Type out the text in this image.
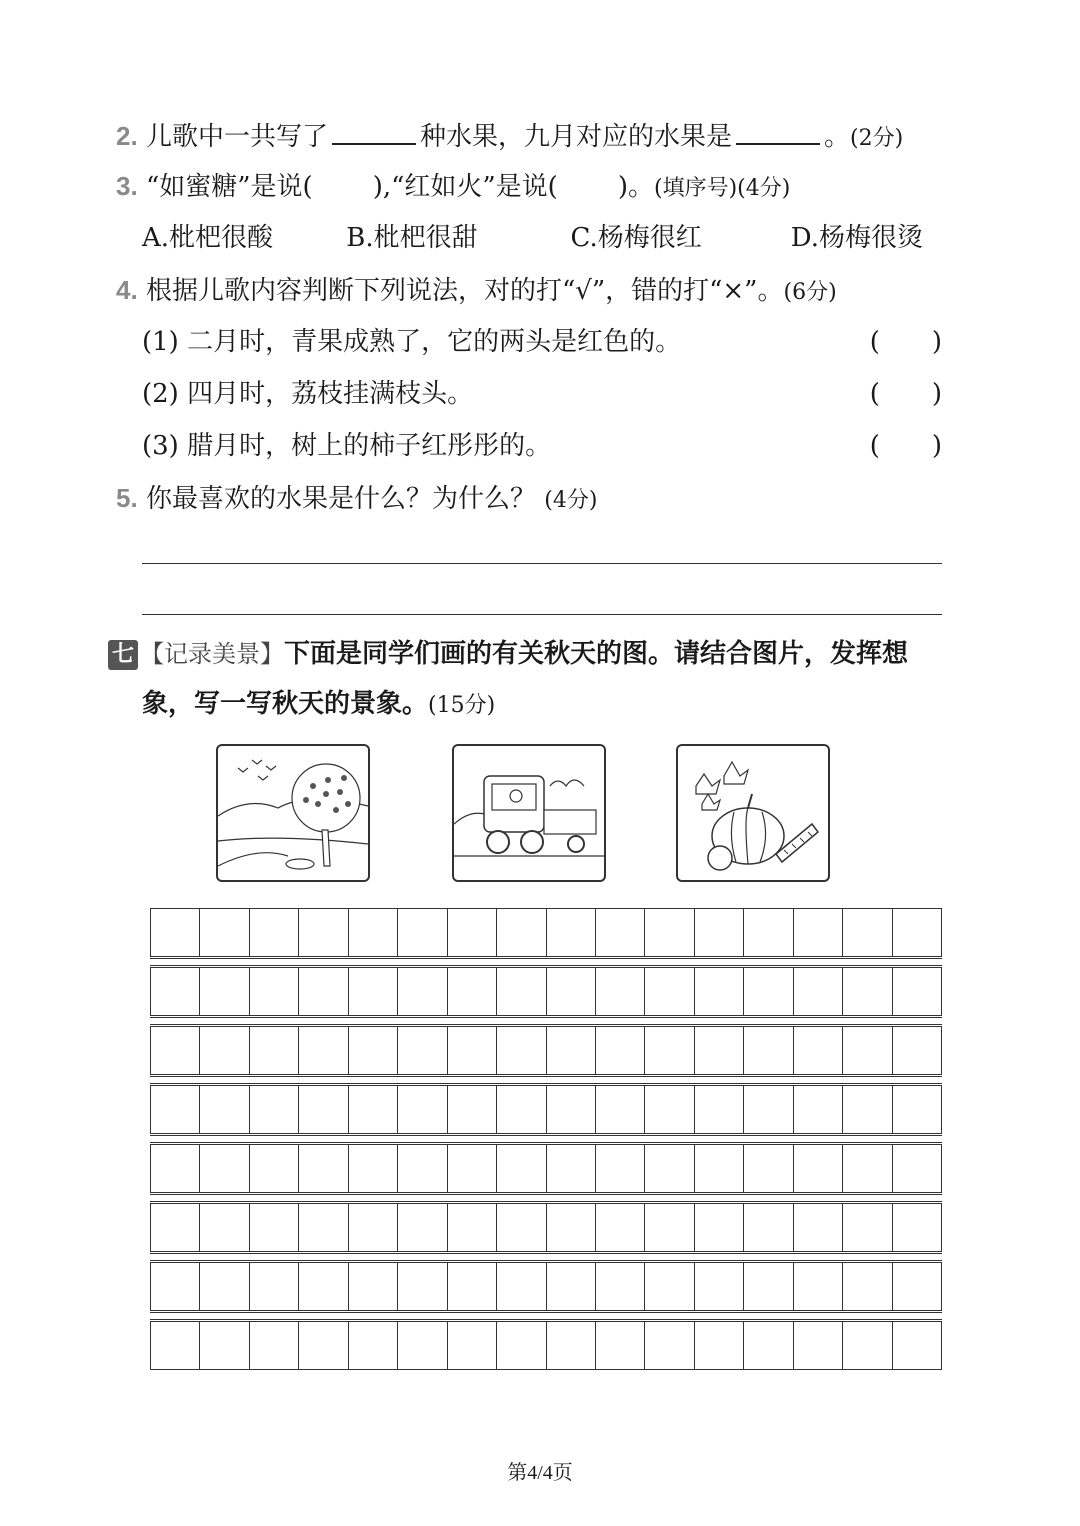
2. 儿歌中一共写了	种水果，九月对应的水果是	。(2分)
3. “如蜜糖”是说( ),“红如火”是说( )。(填序号)(4分)
A.枇杷很酸	B.枇杷很甜	C.杨梅很红	D.杨梅很烫
4. 根据儿歌内容判断下列说法，对的打“√”，错的打“×”。(6分)
(1) 二月时，青果成熟了，它的两头是红色的。	(　　)
(2) 四月时，荔枝挂满枝头。	(　　)
(3) 腊月时，树上的柿子红彤彤的。	(　　)
5. 你最喜欢的水果是什么？为什么？ (4分)
七 【记录美景】下面是同学们画的有关秋天的图。请结合图片，发挥想
象，写一写秋天的景象。(15分)

第4/4页
